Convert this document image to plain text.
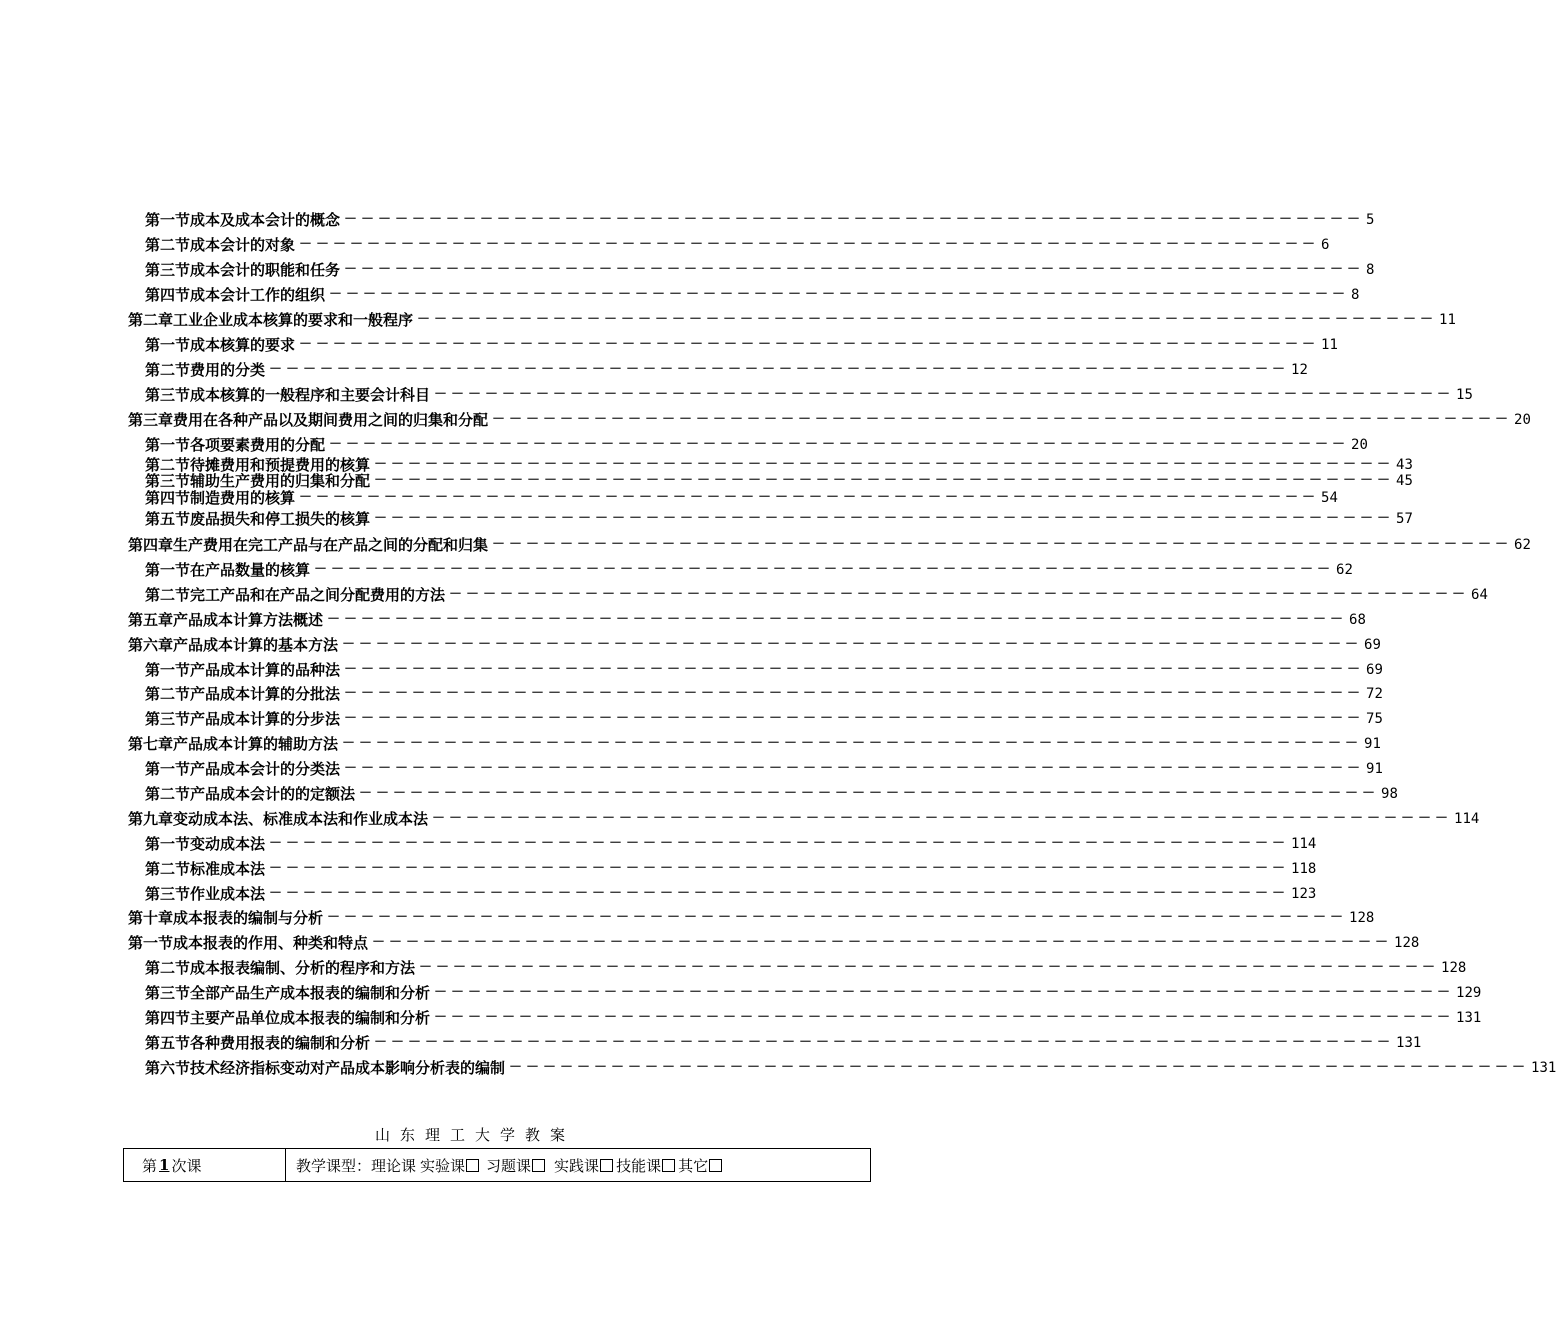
第一节成本及成本会计的概念 －－－－－－－－－－－－－－－－－－－－－－－－－－－－－－－－－－－－－－－－－－－－－－－－－－－－－－－－－－－－ 5
第二节成本会计的对象 －－－－－－－－－－－－－－－－－－－－－－－－－－－－－－－－－－－－－－－－－－－－－－－－－－－－－－－－－－－－ 6
第三节成本会计的职能和任务 －－－－－－－－－－－－－－－－－－－－－－－－－－－－－－－－－－－－－－－－－－－－－－－－－－－－－－－－－－－－ 8
第四节成本会计工作的组织 －－－－－－－－－－－－－－－－－－－－－－－－－－－－－－－－－－－－－－－－－－－－－－－－－－－－－－－－－－－－ 8
第二章工业企业成本核算的要求和一般程序 －－－－－－－－－－－－－－－－－－－－－－－－－－－－－－－－－－－－－－－－－－－－－－－－－－－－－－－－－－－－ 11
第一节成本核算的要求 －－－－－－－－－－－－－－－－－－－－－－－－－－－－－－－－－－－－－－－－－－－－－－－－－－－－－－－－－－－－ 11
第二节费用的分类 －－－－－－－－－－－－－－－－－－－－－－－－－－－－－－－－－－－－－－－－－－－－－－－－－－－－－－－－－－－－ 12
第三节成本核算的一般程序和主要会计科目 －－－－－－－－－－－－－－－－－－－－－－－－－－－－－－－－－－－－－－－－－－－－－－－－－－－－－－－－－－－－ 15
第三章费用在各种产品以及期间费用之间的归集和分配 －－－－－－－－－－－－－－－－－－－－－－－－－－－－－－－－－－－－－－－－－－－－－－－－－－－－－－－－－－－－ 20
第一节各项要素费用的分配 －－－－－－－－－－－－－－－－－－－－－－－－－－－－－－－－－－－－－－－－－－－－－－－－－－－－－－－－－－－－ 20
第二节待摊费用和预提费用的核算 －－－－－－－－－－－－－－－－－－－－－－－－－－－－－－－－－－－－－－－－－－－－－－－－－－－－－－－－－－－－ 43
第三节辅助生产费用的归集和分配 －－－－－－－－－－－－－－－－－－－－－－－－－－－－－－－－－－－－－－－－－－－－－－－－－－－－－－－－－－－－ 45
第四节制造费用的核算 －－－－－－－－－－－－－－－－－－－－－－－－－－－－－－－－－－－－－－－－－－－－－－－－－－－－－－－－－－－－ 54
第五节废品损失和停工损失的核算 －－－－－－－－－－－－－－－－－－－－－－－－－－－－－－－－－－－－－－－－－－－－－－－－－－－－－－－－－－－－ 57
第四章生产费用在完工产品与在产品之间的分配和归集 －－－－－－－－－－－－－－－－－－－－－－－－－－－－－－－－－－－－－－－－－－－－－－－－－－－－－－－－－－－－ 62
第一节在产品数量的核算 －－－－－－－－－－－－－－－－－－－－－－－－－－－－－－－－－－－－－－－－－－－－－－－－－－－－－－－－－－－－ 62
第二节完工产品和在产品之间分配费用的方法 －－－－－－－－－－－－－－－－－－－－－－－－－－－－－－－－－－－－－－－－－－－－－－－－－－－－－－－－－－－－ 64
第五章产品成本计算方法概述 －－－－－－－－－－－－－－－－－－－－－－－－－－－－－－－－－－－－－－－－－－－－－－－－－－－－－－－－－－－－ 68
第六章产品成本计算的基本方法 －－－－－－－－－－－－－－－－－－－－－－－－－－－－－－－－－－－－－－－－－－－－－－－－－－－－－－－－－－－－ 69
第一节产品成本计算的品种法 －－－－－－－－－－－－－－－－－－－－－－－－－－－－－－－－－－－－－－－－－－－－－－－－－－－－－－－－－－－－ 69
第二节产品成本计算的分批法 －－－－－－－－－－－－－－－－－－－－－－－－－－－－－－－－－－－－－－－－－－－－－－－－－－－－－－－－－－－－ 72
第三节产品成本计算的分步法 －－－－－－－－－－－－－－－－－－－－－－－－－－－－－－－－－－－－－－－－－－－－－－－－－－－－－－－－－－－－ 75
第七章产品成本计算的辅助方法 －－－－－－－－－－－－－－－－－－－－－－－－－－－－－－－－－－－－－－－－－－－－－－－－－－－－－－－－－－－－ 91
第一节产品成本会计的分类法 －－－－－－－－－－－－－－－－－－－－－－－－－－－－－－－－－－－－－－－－－－－－－－－－－－－－－－－－－－－－ 91
第二节产品成本会计的的定额法 －－－－－－－－－－－－－－－－－－－－－－－－－－－－－－－－－－－－－－－－－－－－－－－－－－－－－－－－－－－－ 98
第九章变动成本法、标准成本法和作业成本法 －－－－－－－－－－－－－－－－－－－－－－－－－－－－－－－－－－－－－－－－－－－－－－－－－－－－－－－－－－－－ 114
第一节变动成本法 －－－－－－－－－－－－－－－－－－－－－－－－－－－－－－－－－－－－－－－－－－－－－－－－－－－－－－－－－－－－ 114
第二节标准成本法 －－－－－－－－－－－－－－－－－－－－－－－－－－－－－－－－－－－－－－－－－－－－－－－－－－－－－－－－－－－－ 118
第三节作业成本法 －－－－－－－－－－－－－－－－－－－－－－－－－－－－－－－－－－－－－－－－－－－－－－－－－－－－－－－－－－－－ 123
第十章成本报表的编制与分析 －－－－－－－－－－－－－－－－－－－－－－－－－－－－－－－－－－－－－－－－－－－－－－－－－－－－－－－－－－－－ 128
第一节成本报表的作用、种类和特点 －－－－－－－－－－－－－－－－－－－－－－－－－－－－－－－－－－－－－－－－－－－－－－－－－－－－－－－－－－－－ 128
第二节成本报表编制、分析的程序和方法 －－－－－－－－－－－－－－－－－－－－－－－－－－－－－－－－－－－－－－－－－－－－－－－－－－－－－－－－－－－－ 128
第三节全部产品生产成本报表的编制和分析 －－－－－－－－－－－－－－－－－－－－－－－－－－－－－－－－－－－－－－－－－－－－－－－－－－－－－－－－－－－－ 129
第四节主要产品单位成本报表的编制和分析 －－－－－－－－－－－－－－－－－－－－－－－－－－－－－－－－－－－－－－－－－－－－－－－－－－－－－－－－－－－－ 131
第五节各种费用报表的编制和分析 －－－－－－－－－－－－－－－－－－－－－－－－－－－－－－－－－－－－－－－－－－－－－－－－－－－－－－－－－－－－ 131
第六节技术经济指标变动对产品成本影响分析表的编制 －－－－－－－－－－－－－－－－－－－－－－－－－－－－－－－－－－－－－－－－－－－－－－－－－－－－－－－－－－－－ 131
山东理工大学教案
第 1 次课	教学课型：理论课 实验课	习题课	实践课	技能课	其它
